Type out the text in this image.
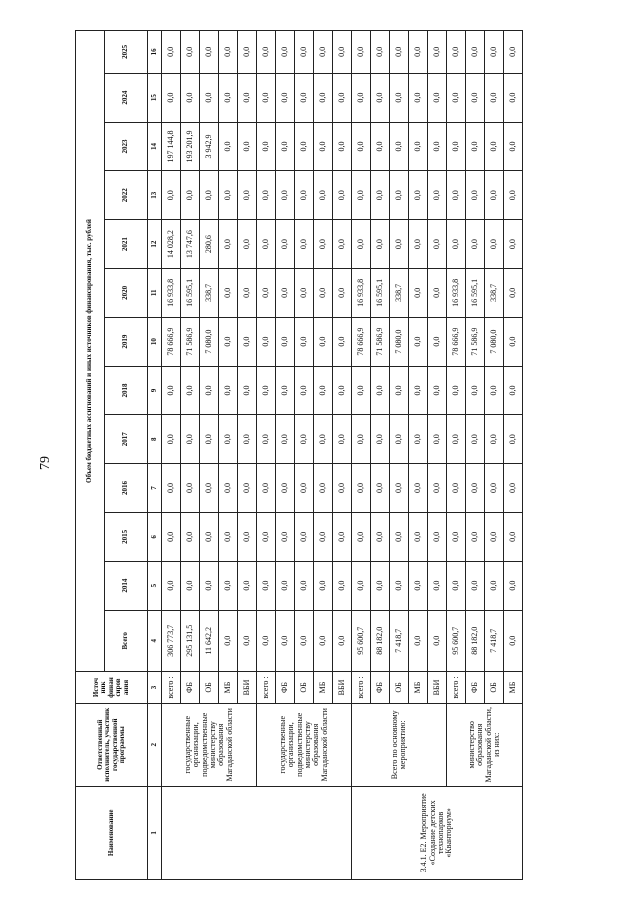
79
Наименование	Ответственный исполнитель, участник государственной программы	Источ ник финан сиров ания	Объем бюджетных ассигнований и иных источников финансирования, тыс. рублей												
			Всего	2014	2015	2016	2017	2018	2019	2020	2021	2022	2023	2024	2025
1	2	3	4	5	6	7	8	9	10	11	12	13	14	15	16
	государственные организации, подведомственные министерству образования Магаданской области	всего :	306 773,7	0,0	0,0	0,0	0,0	0,0	78 666,9	16 933,8	14 028,2	0,0	197 144,8	0,0	0,0
		ФБ	295 131,5	0,0	0,0	0,0	0,0	0,0	71 586,9	16 595,1	13 747,6	0,0	193 201,9	0,0	0,0
		ОБ	11 642,2	0,0	0,0	0,0	0,0	0,0	7 080,0	338,7	280,6	0,0	3 942,9	0,0	0,0
		МБ	0,0	0,0	0,0	0,0	0,0	0,0	0,0	0,0	0,0	0,0	0,0	0,0	0,0
		ВБИ	0,0	0,0	0,0	0,0	0,0	0,0	0,0	0,0	0,0	0,0	0,0	0,0	0,0
	государственные организации, подведомственные министерству образования Магаданской области	всего :	0,0	0,0	0,0	0,0	0,0	0,0	0,0	0,0	0,0	0,0	0,0	0,0	0,0
		ФБ	0,0	0,0	0,0	0,0	0,0	0,0	0,0	0,0	0,0	0,0	0,0	0,0	0,0
		ОБ	0,0	0,0	0,0	0,0	0,0	0,0	0,0	0,0	0,0	0,0	0,0	0,0	0,0
		МБ	0,0	0,0	0,0	0,0	0,0	0,0	0,0	0,0	0,0	0,0	0,0	0,0	0,0
		ВБИ	0,0	0,0	0,0	0,0	0,0	0,0	0,0	0,0	0,0	0,0	0,0	0,0	0,0
3.4.1. Е2. Мероприятие «Создание детских технопарков «Кванториум»	Всего по основному мероприятию:	всего :	95 600,7	0,0	0,0	0,0	0,0	0,0	78 666,9	16 933,8	0,0	0,0	0,0	0,0	0,0
		ФБ	88 182,0	0,0	0,0	0,0	0,0	0,0	71 586,9	16 595,1	0,0	0,0	0,0	0,0	0,0
		ОБ	7 418,7	0,0	0,0	0,0	0,0	0,0	7 080,0	338,7	0,0	0,0	0,0	0,0	0,0
		МБ	0,0	0,0	0,0	0,0	0,0	0,0	0,0	0,0	0,0	0,0	0,0	0,0	0,0
		ВБИ	0,0	0,0	0,0	0,0	0,0	0,0	0,0	0,0	0,0	0,0	0,0	0,0	0,0
	министерство образования Магаданской области, из них:	всего :	95 600,7	0,0	0,0	0,0	0,0	0,0	78 666,9	16 933,8	0,0	0,0	0,0	0,0	0,0
		ФБ	88 182,0	0,0	0,0	0,0	0,0	0,0	71 586,9	16 595,1	0,0	0,0	0,0	0,0	0,0
		ОБ	7 418,7	0,0	0,0	0,0	0,0	0,0	7 080,0	338,7	0,0	0,0	0,0	0,0	0,0
		МБ	0,0	0,0	0,0	0,0	0,0	0,0	0,0	0,0	0,0	0,0	0,0	0,0	0,0
